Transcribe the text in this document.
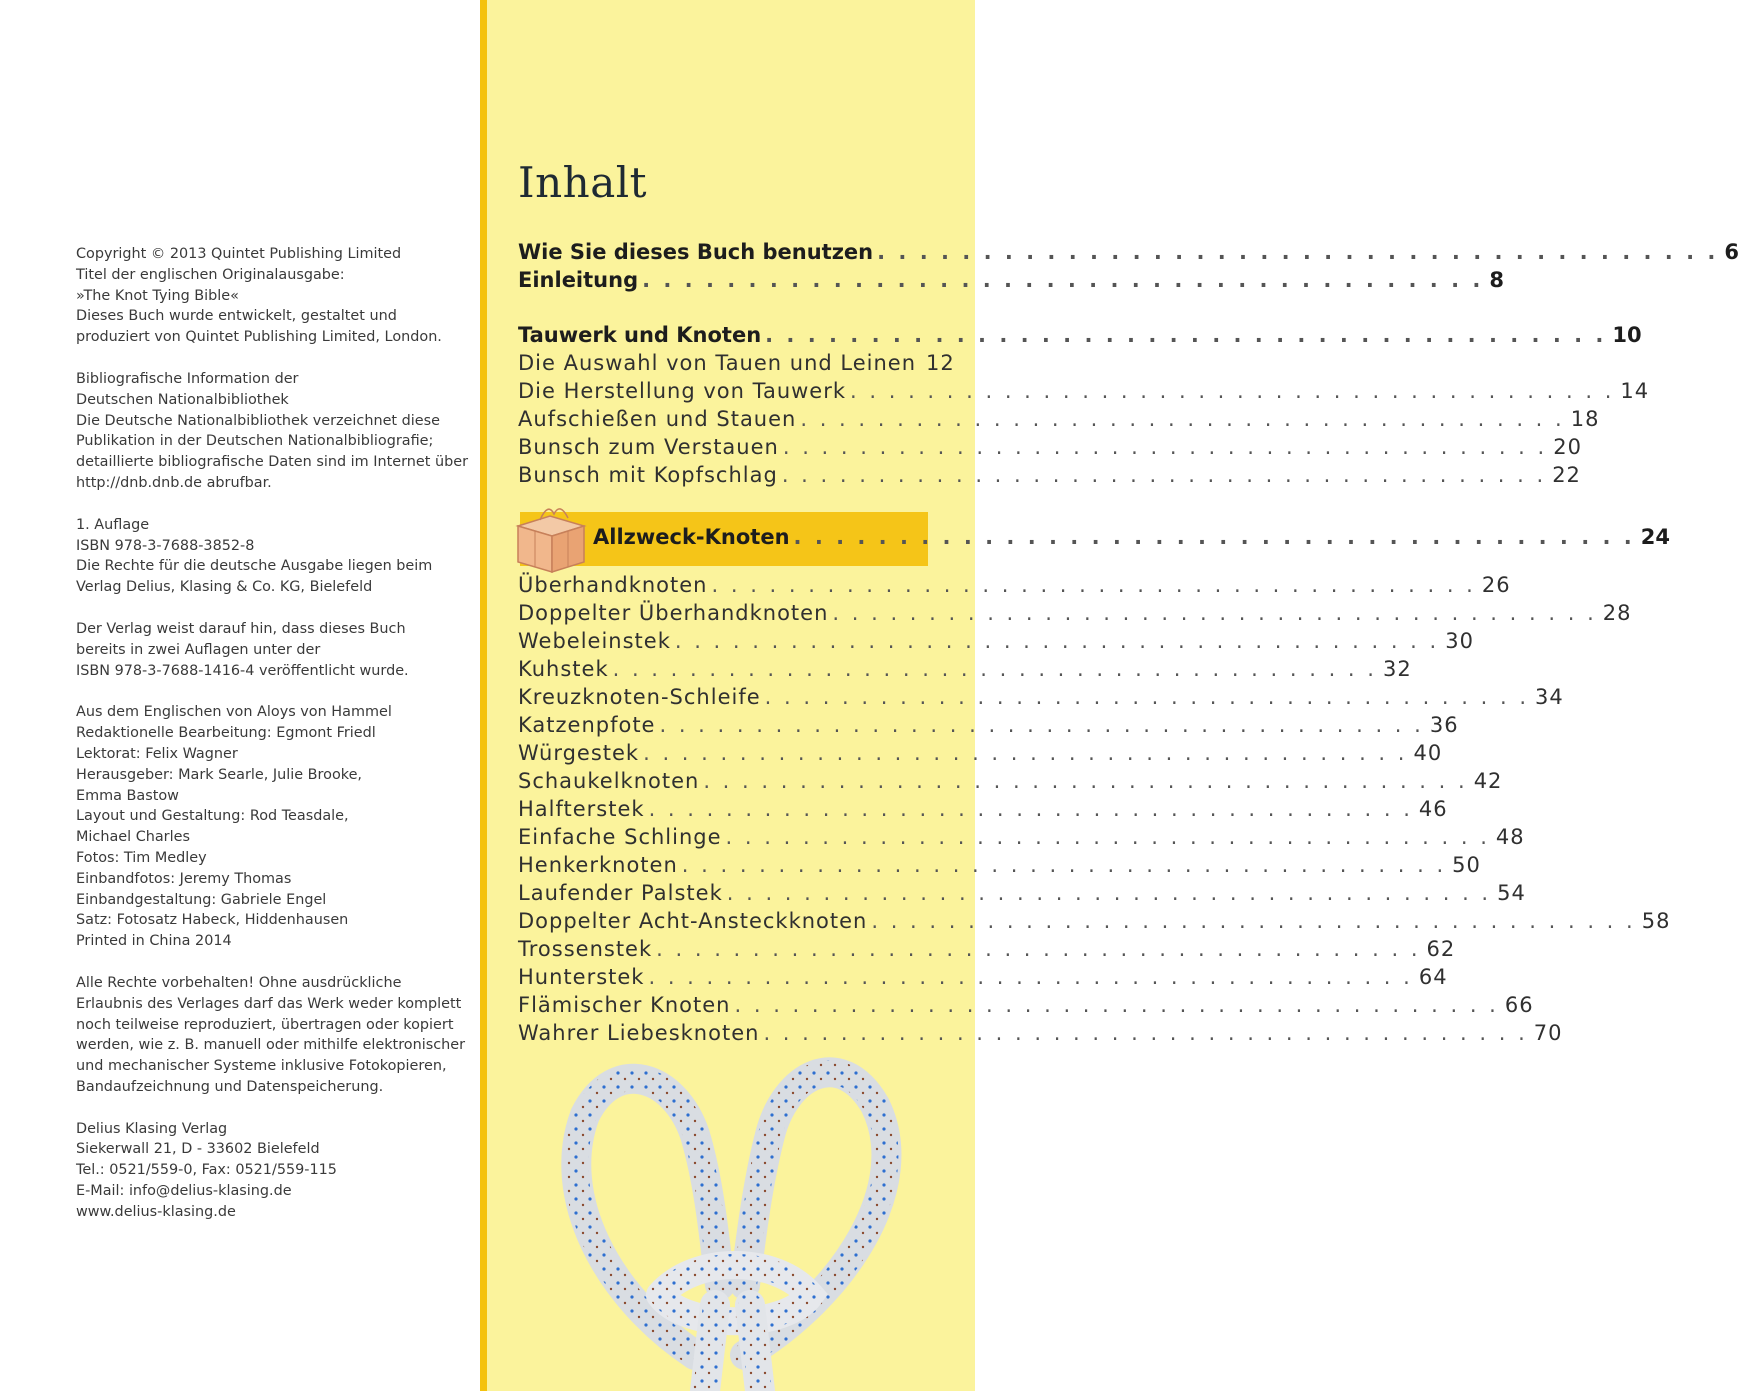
Copyright © 2013 Quintet Publishing Limited
Titel der englischen Originalausgabe:
»The Knot Tying Bible«
Dieses Buch wurde entwickelt, gestaltet und
produziert von Quintet Publishing Limited, London.
Bibliografische Information der
Deutschen Nationalbibliothek
Die Deutsche Nationalbibliothek verzeichnet diese
Publikation in der Deutschen Nationalbibliografie;
detaillierte bibliografische Daten sind im Internet über
http://dnb.dnb.de abrufbar.
1. Auflage
ISBN 978-3-7688-3852-8
Die Rechte für die deutsche Ausgabe liegen beim
Verlag Delius, Klasing & Co. KG, Bielefeld
Der Verlag weist darauf hin, dass dieses Buch
bereits in zwei Auflagen unter der
ISBN 978-3-7688-1416-4 veröffentlicht wurde.
Aus dem Englischen von Aloys von Hammel
Redaktionelle Bearbeitung: Egmont Friedl
Lektorat: Felix Wagner
Herausgeber: Mark Searle, Julie Brooke,
Emma Bastow
Layout und Gestaltung: Rod Teasdale,
Michael Charles
Fotos: Tim Medley
Einbandfotos: Jeremy Thomas
Einbandgestaltung: Gabriele Engel
Satz: Fotosatz Habeck, Hiddenhausen
Printed in China 2014
Alle Rechte vorbehalten! Ohne ausdrückliche
Erlaubnis des Verlages darf das Werk weder komplett
noch teilweise reproduziert, übertragen oder kopiert
werden, wie z. B. manuell oder mithilfe elektronischer
und mechanischer Systeme inklusive Fotokopieren,
Bandaufzeichnung und Datenspeicherung.
Delius Klasing Verlag
Siekerwall 21, D - 33602 Bielefeld
Tel.: 0521/559-0, Fax: 0521/559-115
E-Mail: info@delius-klasing.de
www.delius-klasing.de
Inhalt
Wie Sie dieses Buch benutzen . . . . . . . . . . . . . . . . . . . . . . . . . . . . . . . . . . . . . . . . 6
Einleitung . . . . . . . . . . . . . . . . . . . . . . . . . . . . . . . . . . . . . . . . 8
Tauwerk und Knoten . . . . . . . . . . . . . . . . . . . . . . . . . . . . . . . . . . . . . . . . 10
Die Auswahl von Tauen und Leinen 12
Die Herstellung von Tauwerk . . . . . . . . . . . . . . . . . . . . . . . . . . . . . . . . . . . . . . . . 14
Aufschießen und Stauen . . . . . . . . . . . . . . . . . . . . . . . . . . . . . . . . . . . . . . . . 18
Bunsch zum Verstauen . . . . . . . . . . . . . . . . . . . . . . . . . . . . . . . . . . . . . . . . 20
Bunsch mit Kopfschlag . . . . . . . . . . . . . . . . . . . . . . . . . . . . . . . . . . . . . . . . 22
Allzweck-Knoten . . . . . . . . . . . . . . . . . . . . . . . . . . . . . . . . . . . . . . . . 24
Überhandknoten . . . . . . . . . . . . . . . . . . . . . . . . . . . . . . . . . . . . . . . . 26
Doppelter Überhandknoten . . . . . . . . . . . . . . . . . . . . . . . . . . . . . . . . . . . . . . . . 28
Webeleinstek . . . . . . . . . . . . . . . . . . . . . . . . . . . . . . . . . . . . . . . . 30
Kuhstek . . . . . . . . . . . . . . . . . . . . . . . . . . . . . . . . . . . . . . . . 32
Kreuzknoten-Schleife . . . . . . . . . . . . . . . . . . . . . . . . . . . . . . . . . . . . . . . . 34
Katzenpfote . . . . . . . . . . . . . . . . . . . . . . . . . . . . . . . . . . . . . . . . 36
Würgestek . . . . . . . . . . . . . . . . . . . . . . . . . . . . . . . . . . . . . . . . 40
Schaukelknoten . . . . . . . . . . . . . . . . . . . . . . . . . . . . . . . . . . . . . . . . 42
Halfterstek . . . . . . . . . . . . . . . . . . . . . . . . . . . . . . . . . . . . . . . . 46
Einfache Schlinge . . . . . . . . . . . . . . . . . . . . . . . . . . . . . . . . . . . . . . . . 48
Henkerknoten . . . . . . . . . . . . . . . . . . . . . . . . . . . . . . . . . . . . . . . . 50
Laufender Palstek . . . . . . . . . . . . . . . . . . . . . . . . . . . . . . . . . . . . . . . . 54
Doppelter Acht-Ansteckknoten . . . . . . . . . . . . . . . . . . . . . . . . . . . . . . . . . . . . . . . . 58
Trossenstek . . . . . . . . . . . . . . . . . . . . . . . . . . . . . . . . . . . . . . . . 62
Hunterstek . . . . . . . . . . . . . . . . . . . . . . . . . . . . . . . . . . . . . . . . 64
Flämischer Knoten . . . . . . . . . . . . . . . . . . . . . . . . . . . . . . . . . . . . . . . . 66
Wahrer Liebesknoten . . . . . . . . . . . . . . . . . . . . . . . . . . . . . . . . . . . . . . . . 70
